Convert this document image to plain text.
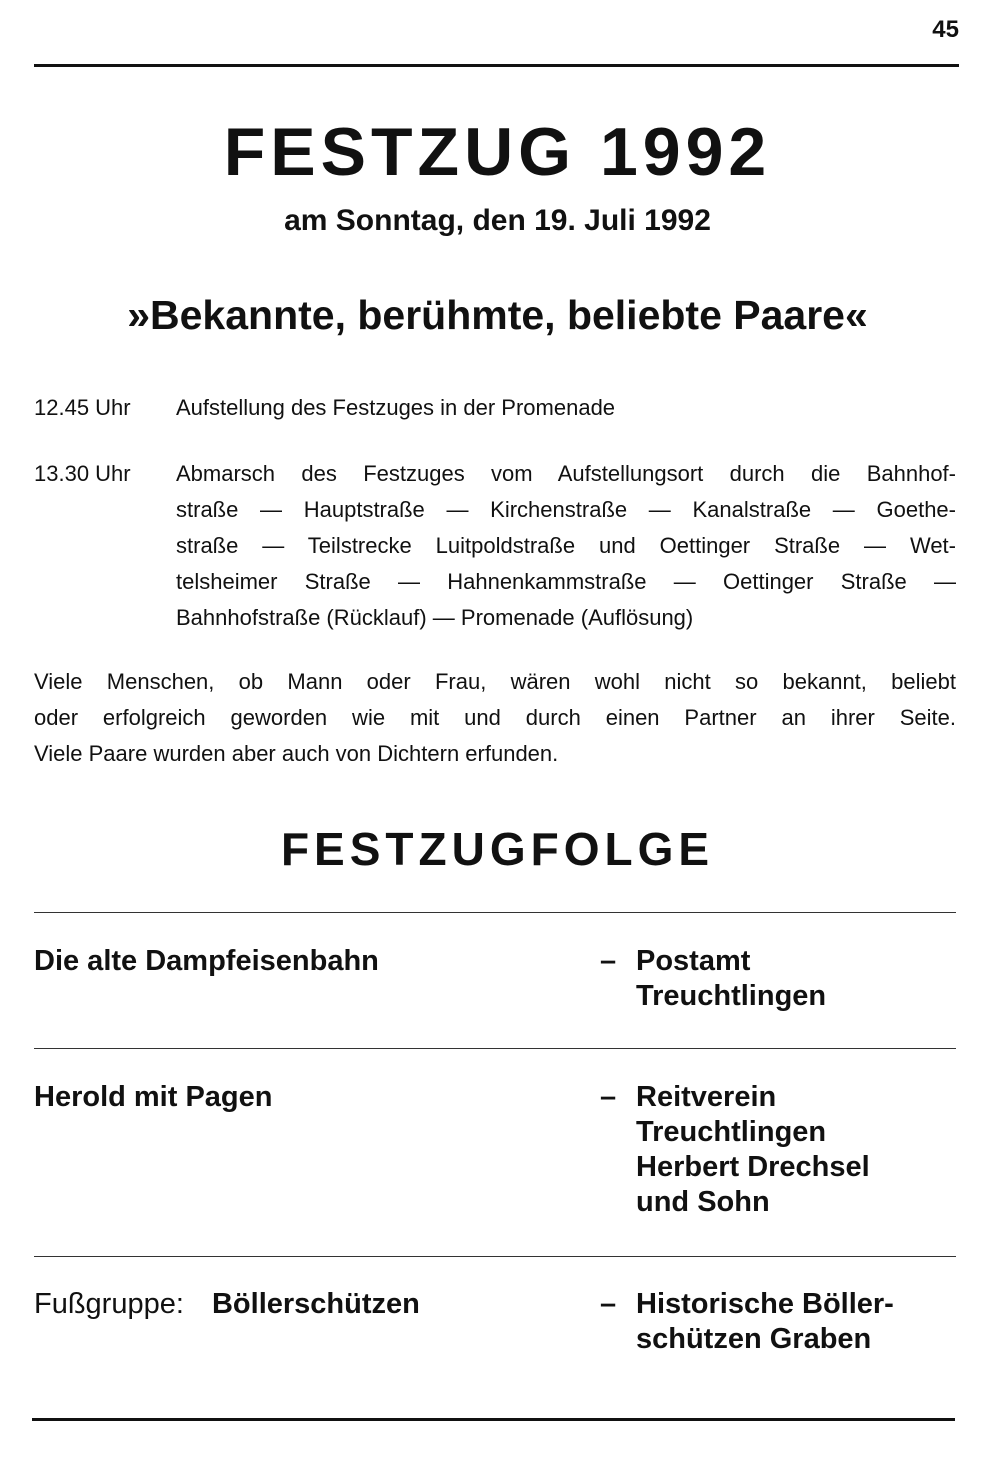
45
FESTZUG 1992
am Sonntag, den 19. Juli 1992
»Bekannte, berühmte, beliebte Paare«
12.45 Uhr	Aufstellung des Festzuges in der Promenade
13.30 Uhr	Abmarsch des Festzuges vom Aufstellungsort durch die Bahnhof-
straße — Hauptstraße — Kirchenstraße — Kanalstraße — Goethe-
straße — Teilstrecke Luitpoldstraße und Oettinger Straße — Wet-
telsheimer Straße — Hahnenkammstraße — Oettinger Straße —
Bahnhofstraße (Rücklauf) — Promenade (Auflösung)
Viele Menschen, ob Mann oder Frau, wären wohl nicht so bekannt, beliebt
oder erfolgreich geworden wie mit und durch einen Partner an ihrer Seite.
Viele Paare wurden aber auch von Dichtern erfunden.
FESTZUGFOLGE
Die alte Dampfeisenbahn	– Postamt
Treuchtlingen
Herold mit Pagen	– Reitverein
Treuchtlingen
Herbert Drechsel
und Sohn
Fußgruppe: Böllerschützen	– Historische Böller-
schützen Graben
